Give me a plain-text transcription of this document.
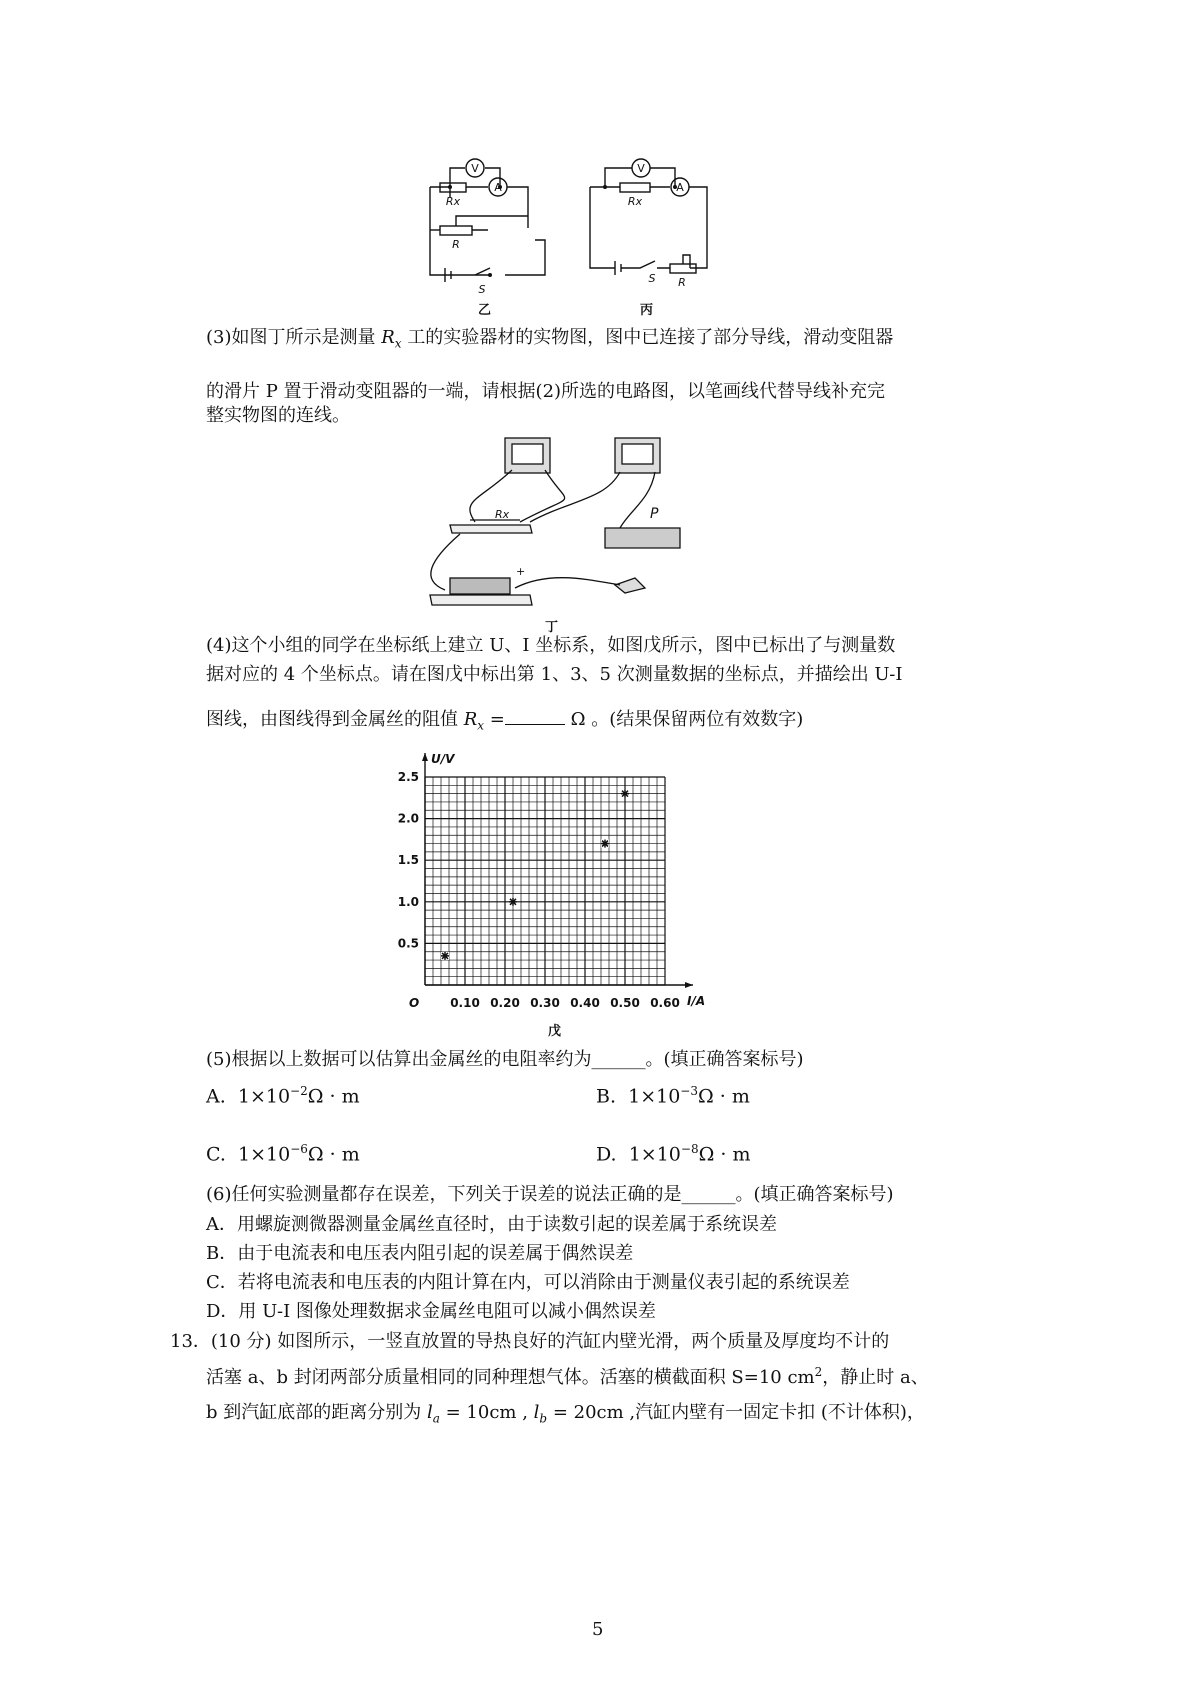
V
A
Rx
R
S
V
A
Rx
S R
乙	丙
(3)如图丁所示是测量 $R_x$ 工的实验器材的实物图，图中已连接了部分导线，滑动变阻器
的滑片 P 置于滑动变阻器的一端，请根据(2)所选的电路图，以笔画线代替导线补充完
整实物图的连线。
Rx	P
+
丁
(4)这个小组的同学在坐标纸上建立 U、I 坐标系，如图戊所示，图中已标出了与测量数
据对应的 4 个坐标点。请在图戊中标出第 1、3、5 次测量数据的坐标点，并描绘出 U-I
图线，由图线得到金属丝的阻值 $R_x$ =	Ω 。(结果保留两位有效数字)
0.10 0.20 0.30 0.40 0.50 0.60
0.5
1.0
1.5
2.0
2.5
O	I/A
U/V
戊
(5)根据以上数据可以估算出金属丝的电阻率约为______。(填正确答案标号)
A. $1\times 10^{-2}\Omega \cdot m$	B. $1\times 10^{-3}\Omega \cdot m$
C. $1\times 10^{-6}\Omega \cdot m$	D. $1\times 10^{-8}\Omega \cdot m$
(6)任何实验测量都存在误差，下列关于误差的说法正确的是______。(填正确答案标号)
A．用螺旋测微器测量金属丝直径时，由于读数引起的误差属于系统误差
B．由于电流表和电压表内阻引起的误差属于偶然误差
C．若将电流表和电压表的内阻计算在内，可以消除由于测量仪表引起的系统误差
D．用 U-I 图像处理数据求金属丝电阻可以减小偶然误差
13．(10 分) 如图所示，一竖直放置的导热良好的汽缸内壁光滑，两个质量及厚度均不计的
活塞 a、b 封闭两部分质量相同的同种理想气体。活塞的横截面积 S=10 $cm^2$，静止时 a、
b 到汽缸底部的距离分别为 $l_a = 10cm$ , $l_b = 20cm$ ,汽缸内壁有一固定卡扣 (不计体积)，
5
